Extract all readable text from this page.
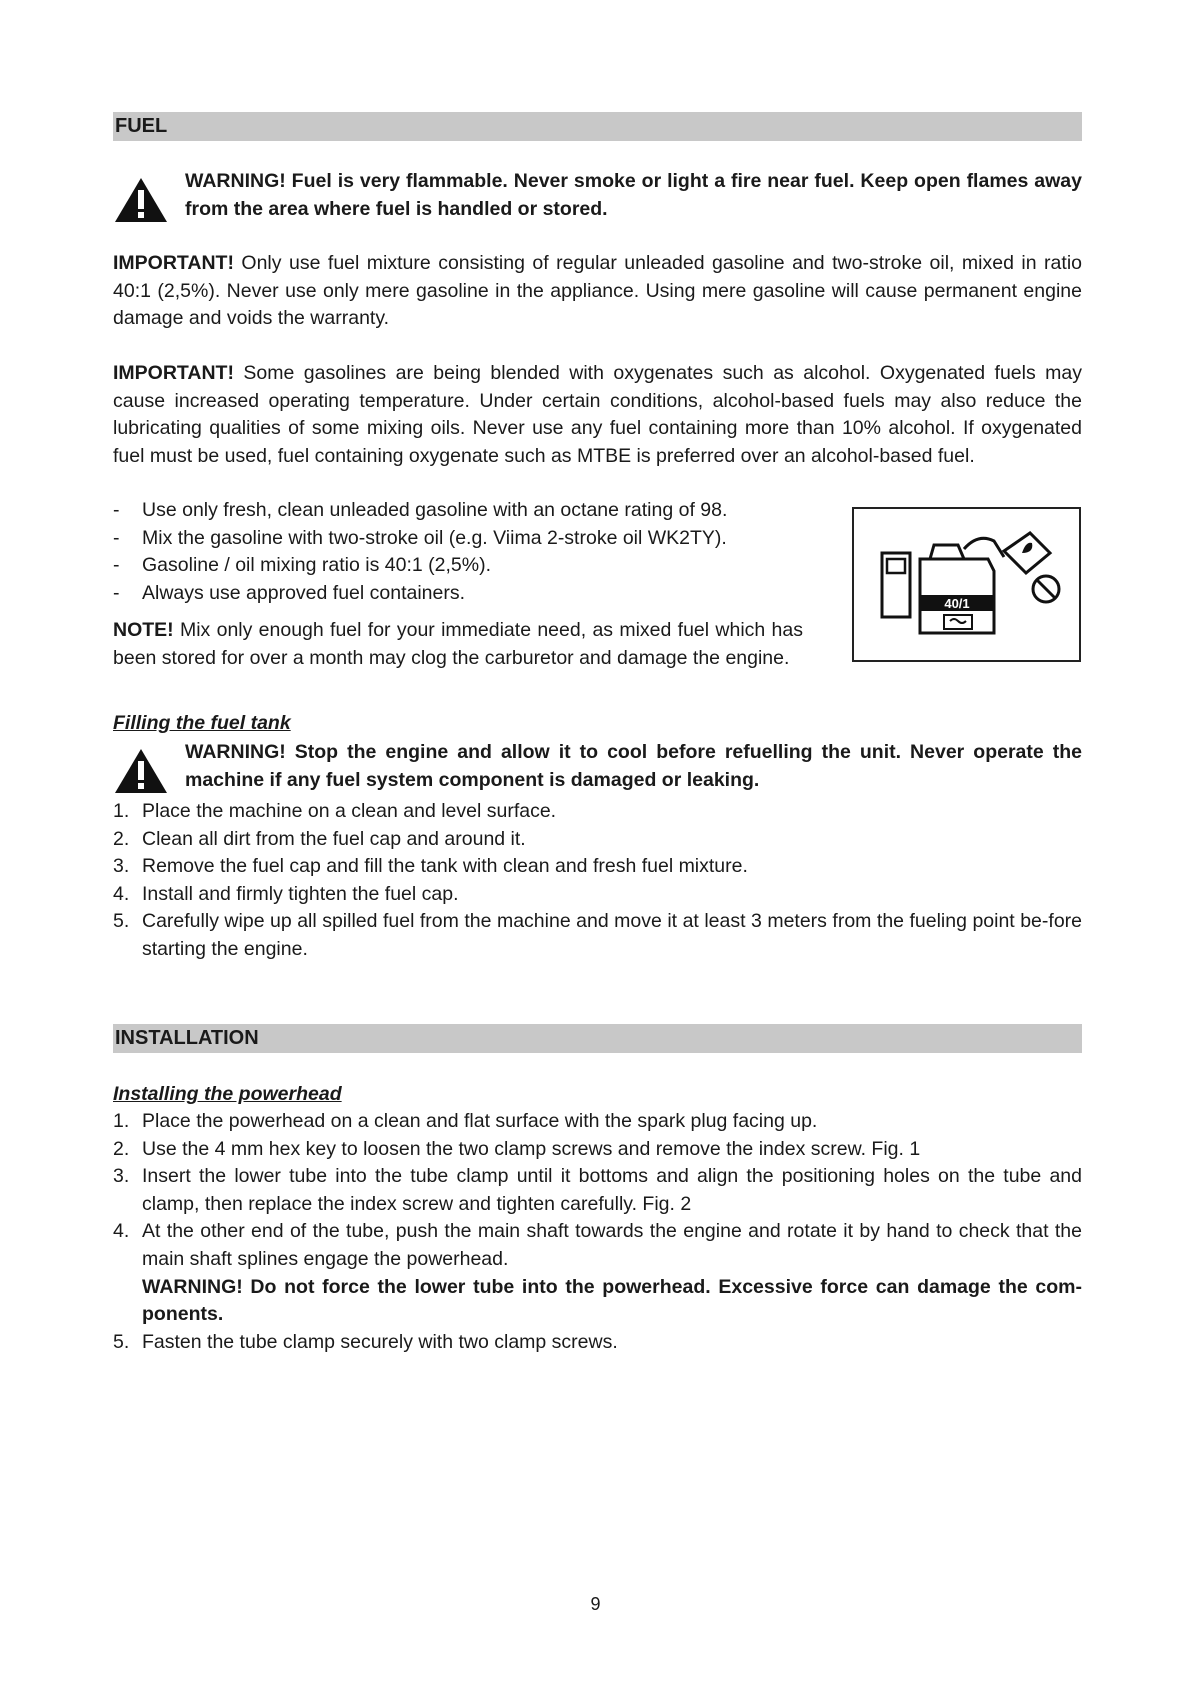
FUEL
WARNING! Fuel is very flammable. Never smoke or light a fire near fuel. Keep open flames away from the area where fuel is handled or stored.

IMPORTANT! Only use fuel mixture consisting of regular unleaded gasoline and two-stroke oil, mixed in ratio 40:1 (2,5%). Never use only mere gasoline in the appliance. Using mere gasoline will cause permanent engine damage and voids the warranty.

IMPORTANT! Some gasolines are being blended with oxygenates such as alcohol. Oxygenated fuels may cause increased operating temperature. Under certain conditions, alcohol-based fuels may also reduce the lubricating qualities of some mixing oils. Never use any fuel containing more than 10% alcohol. If oxygenated fuel must be used, fuel containing oxygenate such as MTBE is preferred over an alcohol-based fuel.

- Use only fresh, clean unleaded gasoline with an octane rating of 98.
- Mix the gasoline with two-stroke oil (e.g. Viima 2-stroke oil WK2TY).
- Gasoline / oil mixing ratio is 40:1 (2,5%).
- Always use approved fuel containers.

NOTE! Mix only enough fuel for your immediate need, as mixed fuel which has been stored for over a month may clog the carburetor and damage the engine.

40/1
Filling the fuel tank
WARNING! Stop the engine and allow it to cool before refuelling the unit. Never operate the machine if any fuel system component is damaged or leaking.
1. Place the machine on a clean and level surface.
2. Clean all dirt from the fuel cap and around it.
3. Remove the fuel cap and fill the tank with clean and fresh fuel mixture.
4. Install and firmly tighten the fuel cap.
5. Carefully wipe up all spilled fuel from the machine and move it at least 3 meters from the fueling point be-fore starting the engine.
INSTALLATION
Installing the powerhead
1. Place the powerhead on a clean and flat surface with the spark plug facing up.
2. Use the 4 mm hex key to loosen the two clamp screws and remove the index screw. Fig. 1
3. Insert the lower tube into the tube clamp until it bottoms and align the positioning holes on the tube and clamp, then replace the index screw and tighten carefully. Fig. 2
4. At the other end of the tube, push the main shaft towards the engine and rotate it by hand to check that the main shaft splines engage the powerhead.
WARNING! Do not force the lower tube into the powerhead. Excessive force can damage the com-ponents.
5. Fasten the tube clamp securely with two clamp screws.
9
